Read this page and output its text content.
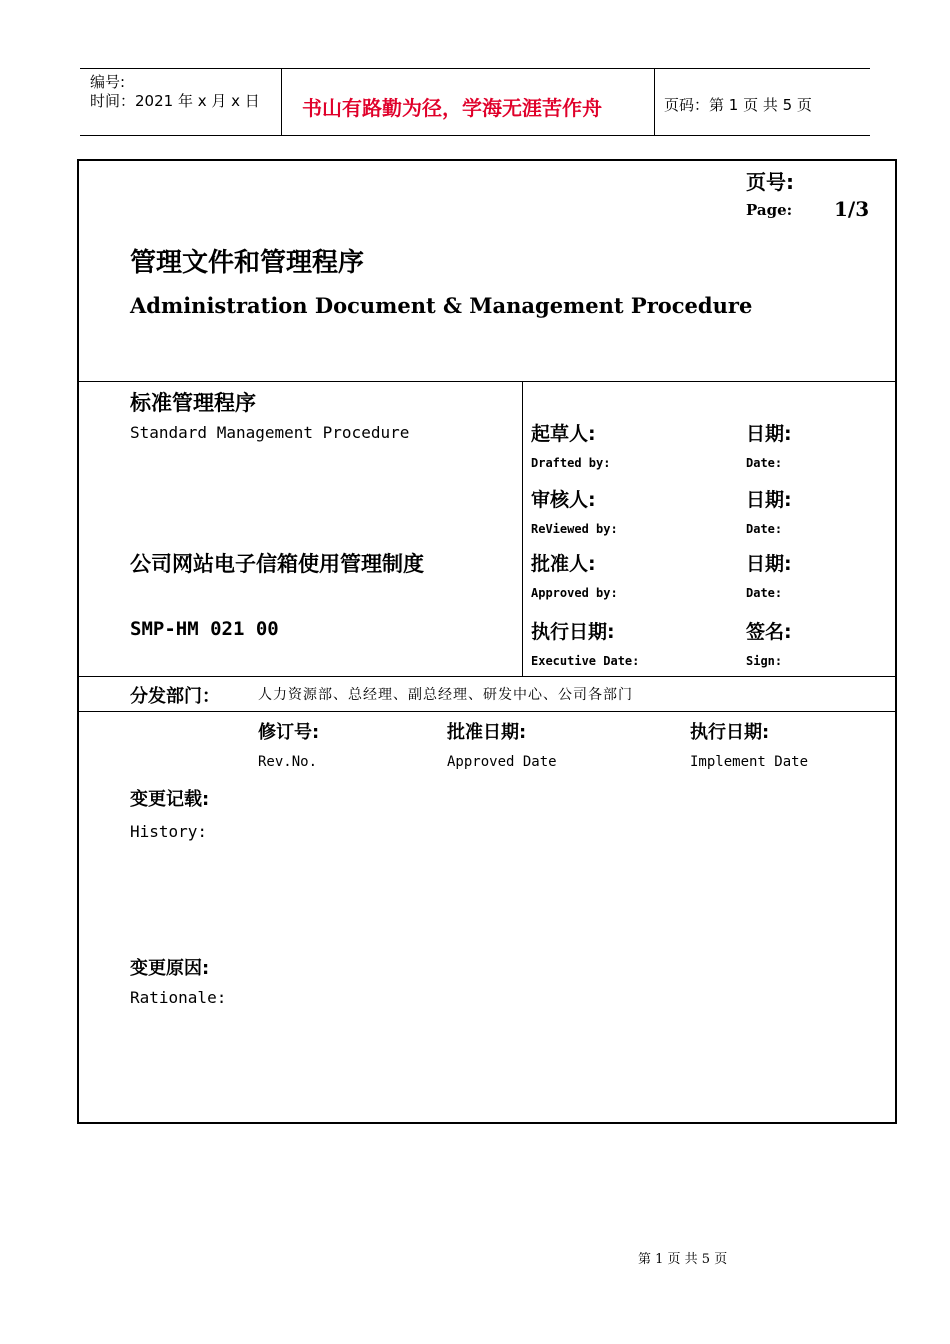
编号:
时间：2021 年 x 月 x 日 书山有路勤为径，学海无涯苦作舟	页码：第 1 页 共 5 页
页号:
Page: 1/3
管理文件和管理程序
Administration Document & Management Procedure
标准管理程序
Standard Management Procedure
公司网站电子信箱使用管理制度
SMP-HM 021 00
起草人:
Drafted by:
日期:
Date:
审核人:
ReViewed by:
日期:
Date:
批准人:
Approved by:
日期:
Date:
执行日期:
Executive Date:
签名:
Sign:
分发部门：	人力资源部、总经理、副总经理、研发中心、公司各部门
修订号:
Rev.No.
批准日期:
Approved Date
执行日期:
Implement Date
变更记载:
History:
变更原因:
Rationale:
第 1 页 共 5 页
